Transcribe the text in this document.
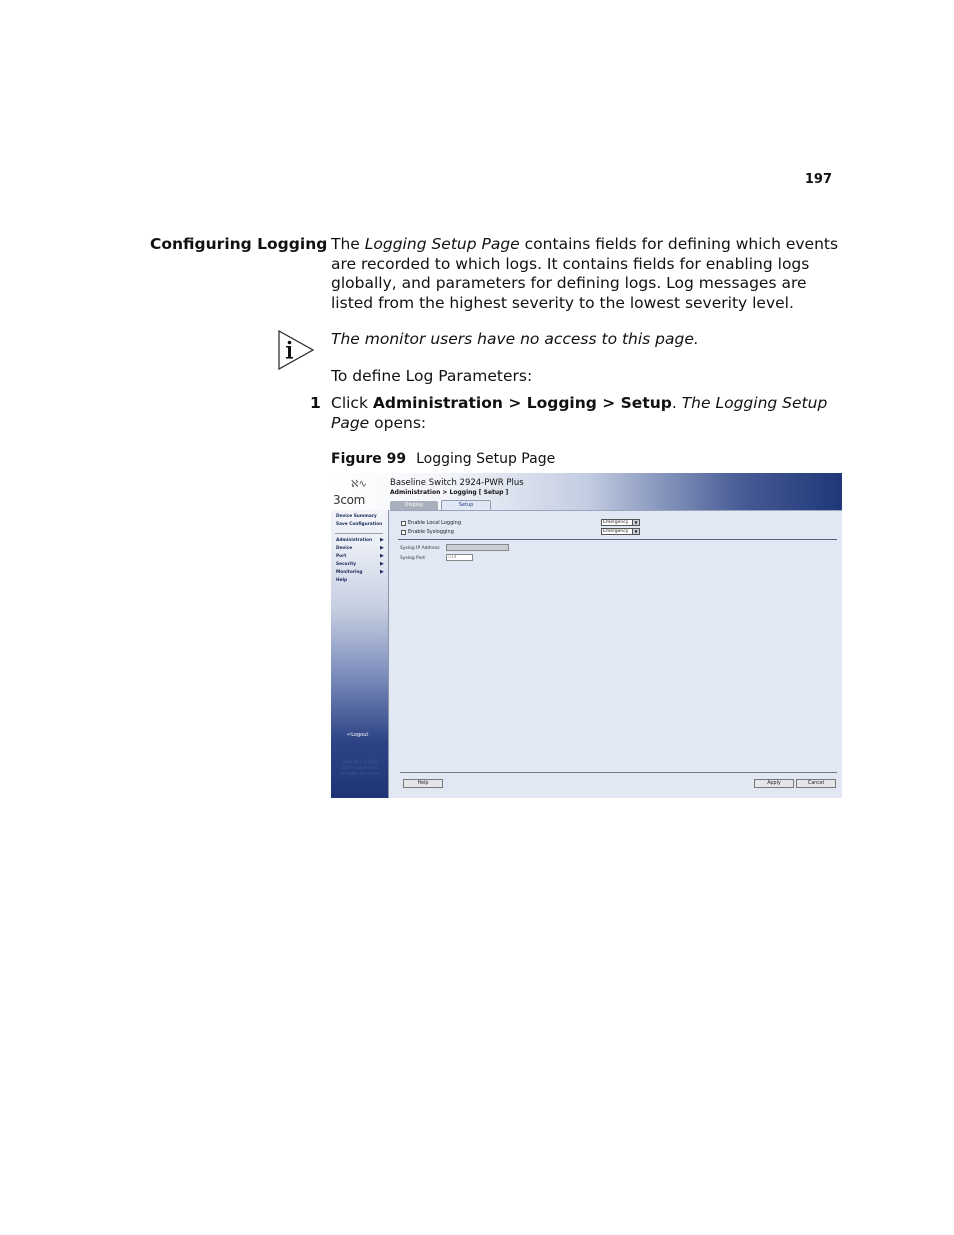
197
Configuring Logging The Logging Setup Page contains fields for defining which events are recorded to which logs. It contains fields for enabling logs globally, and parameters for defining logs. Log messages are listed from the highest severity to the lowest severity level.
The monitor users have no access to this page.
To define Log Parameters:
1 Click Administration > Logging > Setup. The Logging Setup Page opens:
Figure 99 Logging Setup Page
ℵ∿
3com
Baseline Switch 2924-PWR Plus
Administration > Logging [ Setup ]
Display	Setup
Device Summary
Save Configuration
Administration ▶
Device	▶
Port	▶
Security	▶
Monitoring	▶
Help
↵Logout
Copyright © 2007
3Com Corporation.
All Rights Reserved.
Enable Local Logging	Emergency	▼
Enable Syslogging	Emergency	▼
Syslog IP Address
Syslog Port	514
Help	Apply	Cancel
